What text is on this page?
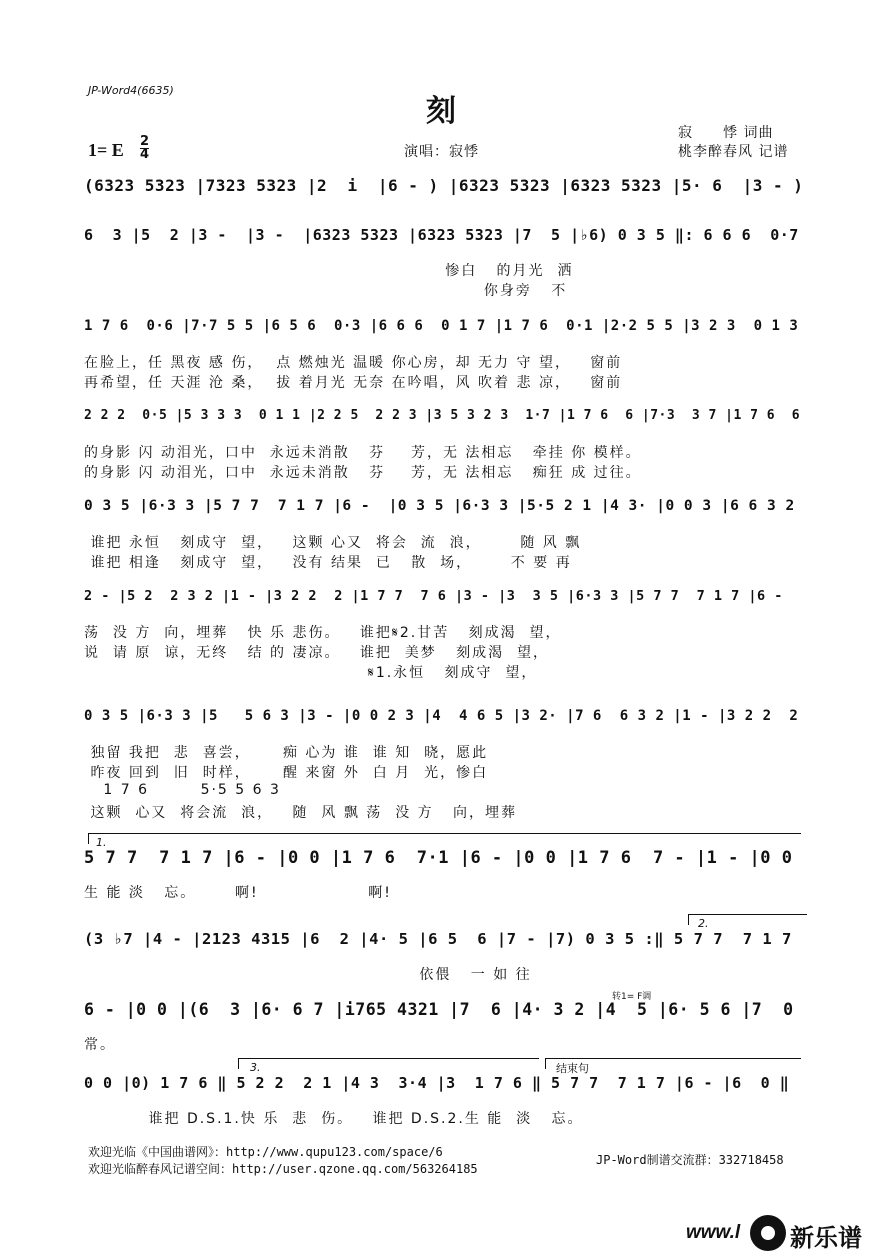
JP-Word4(6635)
刻
寂　　悸 词曲
桃李醉春风 记谱
1= E 2
4	演唱：寂悸
(6323 5323 |7323 5323 |2  i  |6 - ) |6323 5323 |6323 5323 |5· 6  |3 - )
6  3 |5  2 |3 -  |3 -  |6323 5323 |6323 5323 |7  5 |♭6) 0 3 5 ‖: 6 6 6  0·7
惨白   的月光  洒
你身旁   不
1 7 6  0·6 |7·7 5 5 |6 5 6  0·3 |6 6 6  0 1 7 |1 7 6  0·1 |2·2 5 5 |3 2 3  0 1 3
在脸上，任 黑夜 感 伤，  点 燃烛光 温暖 你心房，却 无力 守 望，   窗前
再希望，任 天涯 沧 桑，  拔 着月光 无奈 在吟唱，风 吹着 悲 凉，   窗前
2 2 2  0·5 |5 3 3 3  0 1 1 |2 2 5  2 2 3 |3 5 3 2 3  1·7 |1 7 6  6 |7·3  3 7 |1 7 6  6
的身影 闪 动泪光，口中  永远未消散   芬    芳，无 法相忘   牵挂 你 模样。
的身影 闪 动泪光，口中  永远未消散   芬    芳，无 法相忘   痴狂 成 过往。
0 3 5 |6·3 3 |5 7 7  7 1 7 |6 -  |0 3 5 |6·3 3 |5·5 2 1 |4 3· |0 0 3 |6 6 3 2
谁把 永恒   刻成守  望，   这颗 心又  将会  流  浪，      随 风 飘
谁把 相逢   刻成守  望，   没有 结果  已   散  场，      不 要 再
2 - |5 2  2 3 2 |1 - |3 2 2  2 |1 7 7  7 6 |3 - |3  3 5 |6·3 3 |5 7 7  7 1 7 |6 -
荡  没 方  向，埋葬   快 乐 悲伤。   谁把𝄋2.甘苦   刻成渴  望，
说  请 原  谅，无终   结 的 凄凉。   谁把  美梦   刻成渴  望，
𝄋1.永恒   刻成守  望，
0 3 5 |6·3 3 |5   5 6 3 |3 - |0 0 2 3 |4  4 6 5 |3 2· |7 6  6 3 2 |1 - |3 2 2  2
独留 我把  悲  喜尝，     痴 心为 谁  谁 知  晓，愿此
昨夜 回到  旧  时样，     醒 来窗 外  白 月  光，惨白
1 7 6        5·5 5 6 3
这颗  心又  将会流  浪，   随  风 飘 荡  没 方   向，埋葬
5 7 7  7 1 7 |6 - |0 0 |1 7 6  7·1 |6 - |0 0 |1 7 6  7 - |1 - |0 0
生 能 淡   忘。      啊!                 啊!
(3 ♭7 |4 - |2123 4315 |6  2 |4· 5 |6 5  6 |7 - |7) 0 3 5 :‖ 5 7 7  7 1 7
依偎   一 如 往
6 - |0 0 |(6  3 |6· 6 7 |i765 4321 |7  6 |4· 3 2 |4  5 |6· 5 6 |7  0
常。
0 0 |0) 1 7 6 ‖ 5 2 2  2 1 |4 3  3·4 |3  1 7 6 ‖ 5 7 7  7 1 7 |6 - |6  0 ‖
谁把 D.S.1.快 乐  悲  伤。   谁把 D.S.2.生 能  淡   忘。
1.
2.
3.	结束句
转1= F调
欢迎光临《中国曲谱网》：http://www.qupu123.com/space/6
欢迎光临醉春风记谱空间：http://user.qzone.qq.com/563264185
JP-Word制谱交流群：332718458
www.l 新乐谱
